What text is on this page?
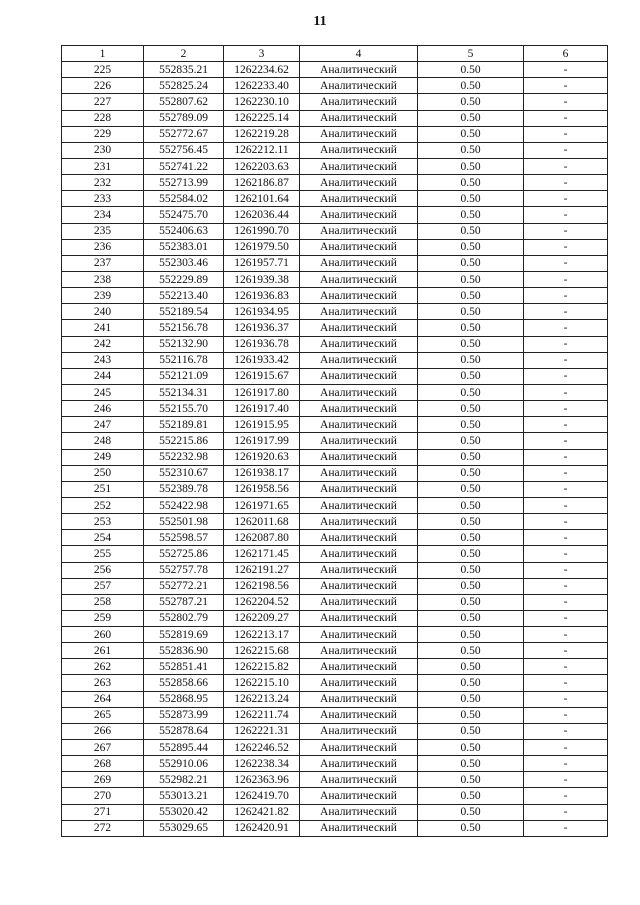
11
1	2	3	4	5	6
225	552835.21	1262234.62	Аналитический	0.50	-
226	552825.24	1262233.40	Аналитический	0.50	-
227	552807.62	1262230.10	Аналитический	0.50	-
228	552789.09	1262225.14	Аналитический	0.50	-
229	552772.67	1262219.28	Аналитический	0.50	-
230	552756.45	1262212.11	Аналитический	0.50	-
231	552741.22	1262203.63	Аналитический	0.50	-
232	552713.99	1262186.87	Аналитический	0.50	-
233	552584.02	1262101.64	Аналитический	0.50	-
234	552475.70	1262036.44	Аналитический	0.50	-
235	552406.63	1261990.70	Аналитический	0.50	-
236	552383.01	1261979.50	Аналитический	0.50	-
237	552303.46	1261957.71	Аналитический	0.50	-
238	552229.89	1261939.38	Аналитический	0.50	-
239	552213.40	1261936.83	Аналитический	0.50	-
240	552189.54	1261934.95	Аналитический	0.50	-
241	552156.78	1261936.37	Аналитический	0.50	-
242	552132.90	1261936.78	Аналитический	0.50	-
243	552116.78	1261933.42	Аналитический	0.50	-
244	552121.09	1261915.67	Аналитический	0.50	-
245	552134.31	1261917.80	Аналитический	0.50	-
246	552155.70	1261917.40	Аналитический	0.50	-
247	552189.81	1261915.95	Аналитический	0.50	-
248	552215.86	1261917.99	Аналитический	0.50	-
249	552232.98	1261920.63	Аналитический	0.50	-
250	552310.67	1261938.17	Аналитический	0.50	-
251	552389.78	1261958.56	Аналитический	0.50	-
252	552422.98	1261971.65	Аналитический	0.50	-
253	552501.98	1262011.68	Аналитический	0.50	-
254	552598.57	1262087.80	Аналитический	0.50	-
255	552725.86	1262171.45	Аналитический	0.50	-
256	552757.78	1262191.27	Аналитический	0.50	-
257	552772.21	1262198.56	Аналитический	0.50	-
258	552787.21	1262204.52	Аналитический	0.50	-
259	552802.79	1262209.27	Аналитический	0.50	-
260	552819.69	1262213.17	Аналитический	0.50	-
261	552836.90	1262215.68	Аналитический	0.50	-
262	552851.41	1262215.82	Аналитический	0.50	-
263	552858.66	1262215.10	Аналитический	0.50	-
264	552868.95	1262213.24	Аналитический	0.50	-
265	552873.99	1262211.74	Аналитический	0.50	-
266	552878.64	1262221.31	Аналитический	0.50	-
267	552895.44	1262246.52	Аналитический	0.50	-
268	552910.06	1262238.34	Аналитический	0.50	-
269	552982.21	1262363.96	Аналитический	0.50	-
270	553013.21	1262419.70	Аналитический	0.50	-
271	553020.42	1262421.82	Аналитический	0.50	-
272	553029.65	1262420.91	Аналитический	0.50	-
